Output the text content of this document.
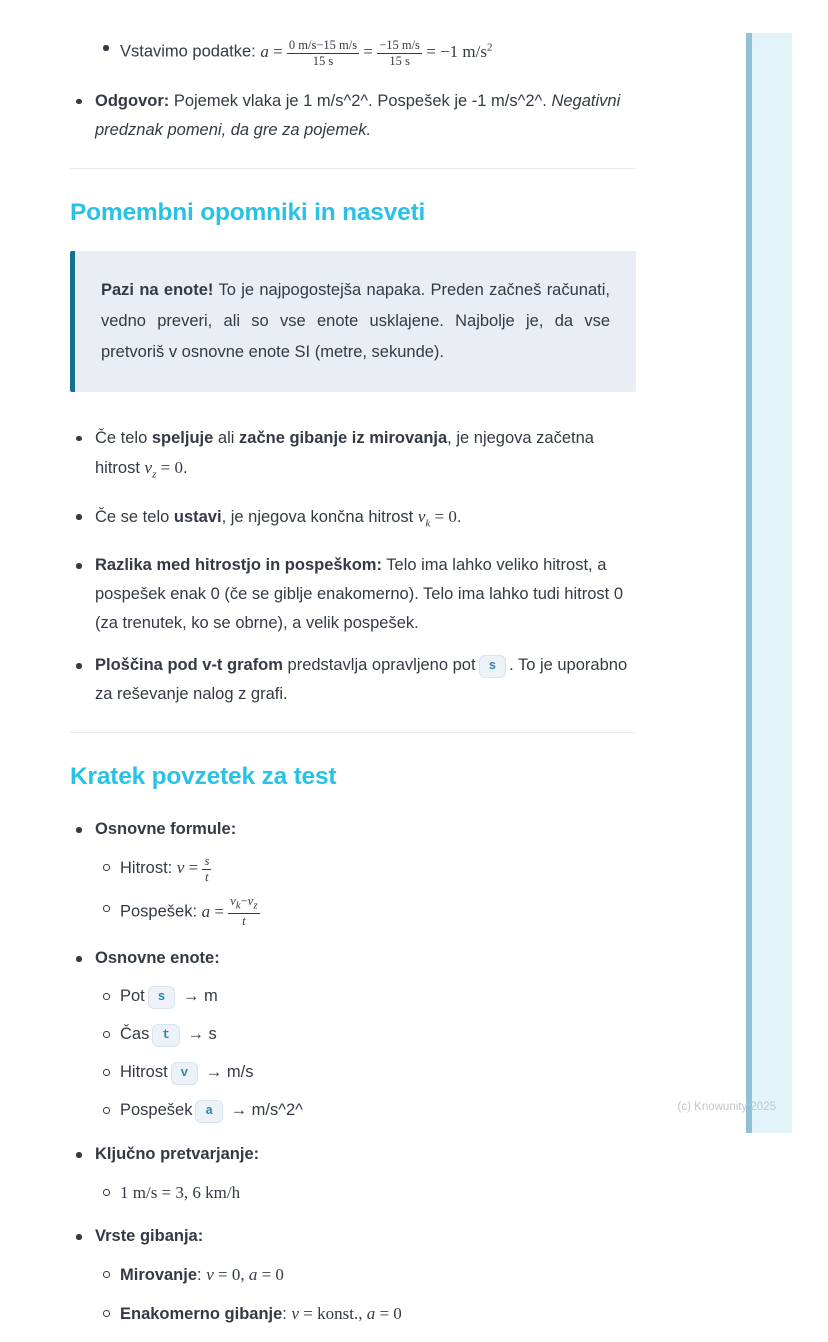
Vstavimo podatke: $a = \frac{0 m/s-15 m/s}{15 s} = \frac{-15 m/s}{15 s} = -1$ $m/s^2$
Odgovor: Pojemek vlaka je 1 m/s^2^. Pospešek je -1 m/s^2^. Negativni predznak pomeni, da gre za pojemek.
Pomembni opomniki in nasveti
Pazi na enote! To je najpogostejša napaka. Preden začneš računati, vedno preveri, ali so vse enote usklajene. Najbolje je, da vse pretvoriš v osnovne enote SI (metre, sekunde).
Če telo speljuje ali začne gibanje iz mirovanja, je njegova začetna hitrost $v_z = 0$.
Če se telo ustavi, je njegova končna hitrost $v_k = 0$.
Razlika med hitrostjo in pospeškom: Telo ima lahko veliko hitrost, a pospešek enak 0 (če se giblje enakomerno). Telo ima lahko tudi hitrost 0 (za trenutek, ko se obrne), a velik pospešek.
Ploščina pod v-t grafom predstavlja opravljeno pot s . To je uporabno za reševanje nalog z grafi.
Kratek povzetek za test
Osnovne formule:
Hitrost: $v = \frac{s}{t}$
Pospešek: $a = \frac{v_k-v_z}{t}$
Osnovne enote:
Pot s → m
Čas t → s
Hitrost v → m/s
Pospešek a → m/s^2^
Ključno pretvarjanje:
1 m/s = 3, 6 km/h
Vrste gibanja:
Mirovanje: v = 0, a = 0
Enakomerno gibanje: v = konst., a = 0
(c) Knowunity 2025
